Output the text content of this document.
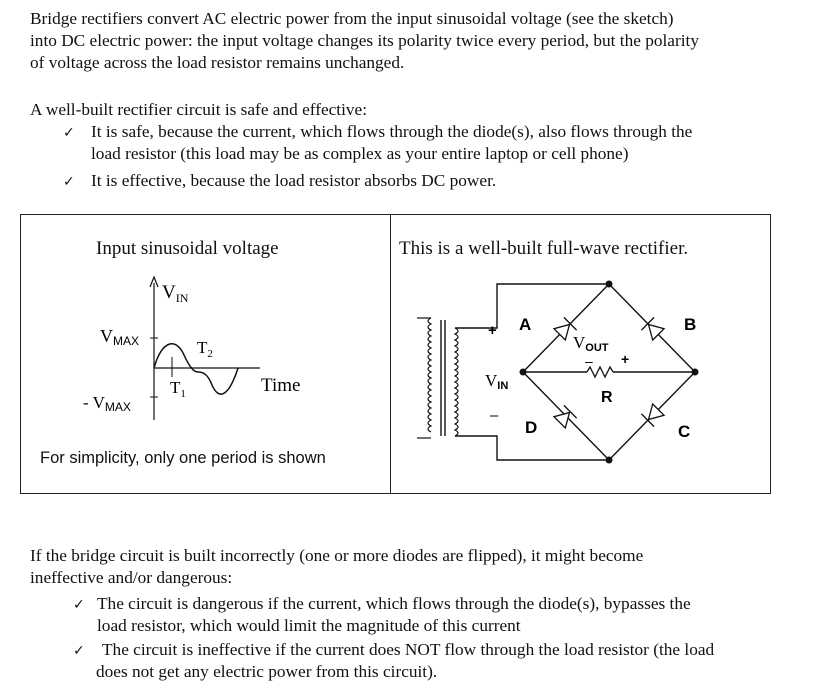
Bridge rectifiers convert AC electric power from the input sinusoidal voltage (see the sketch)
into DC electric power: the input voltage changes its polarity twice every period, but the polarity
of voltage across the load resistor remains unchanged.

A well-built rectifier circuit is safe and effective:

✓ It is safe, because the current, which flows through the diode(s), also flows through the
load resistor (this load may be as complex as your entire laptop or cell phone)
✓ It is effective, because the load resistor absorbs DC power.
Input sinusoidal voltage
For simplicity, only one period is shown
This is a well-built full-wave rectifier.
$V_{IN}$
VMAX
- VMAX
$T_2$
$T_1$	Time
A	B
C
D
+
–
VIN
VOUT
– +
R

If the bridge circuit is built incorrectly (one or more diodes are flipped), it might become
ineffective and/or dangerous:

✓ The circuit is dangerous if the current, which flows through the diode(s), bypasses the
load resistor, which would limit the magnitude of this current
✓ The circuit is ineffective if the current does NOT flow through the load resistor (the load
does not get any electric power from this circuit).
